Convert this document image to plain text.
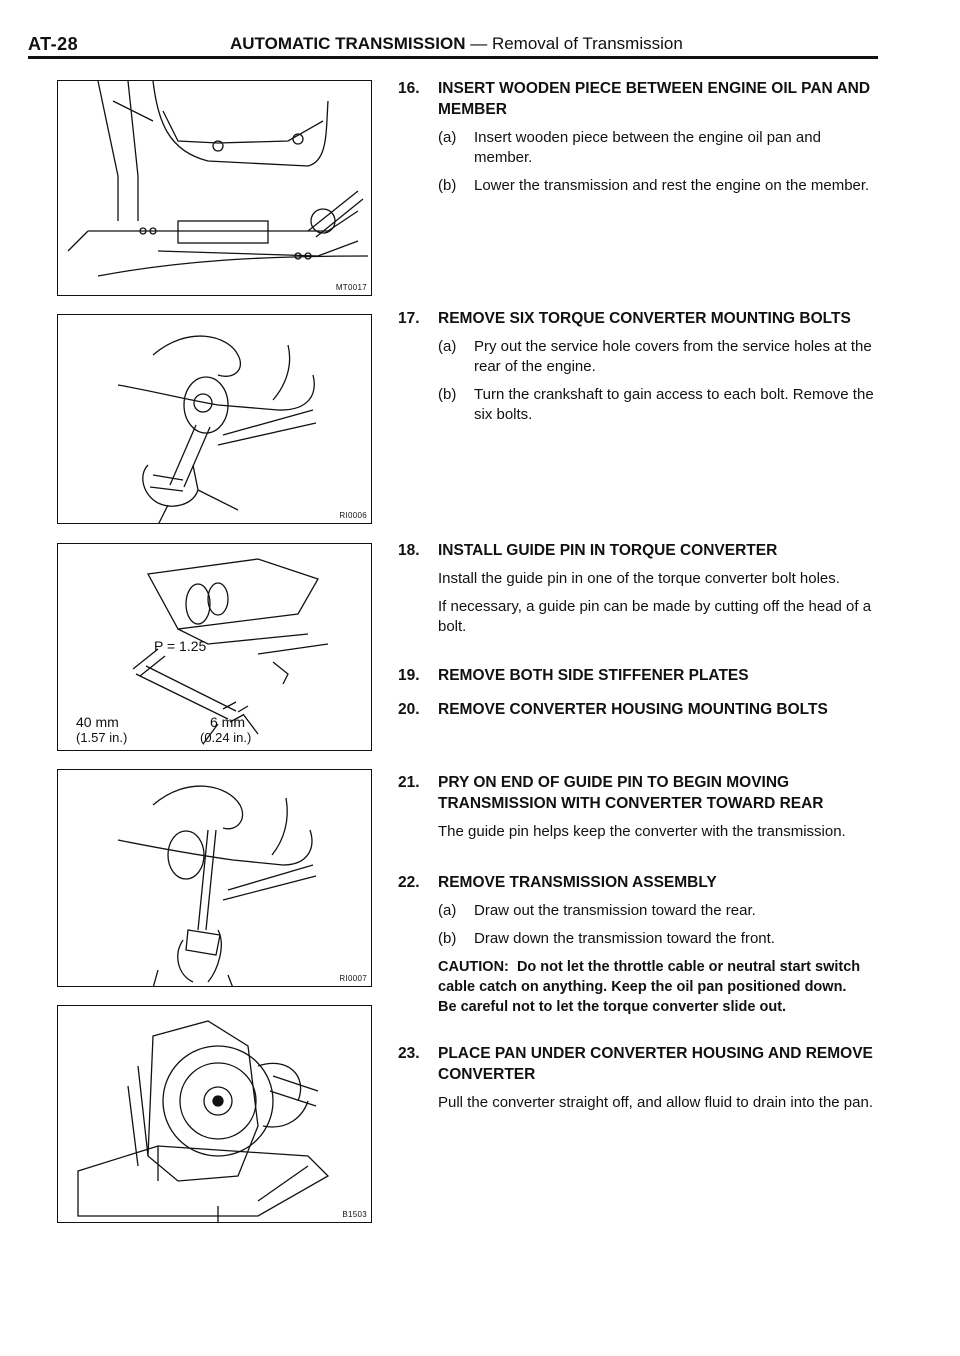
AT-28	AUTOMATIC TRANSMISSION — Removal of Transmission
MT0017
RI0006
P = 1.25
40 mm
(1.57 in.)
6 mm
(0.24 in.)
RI0007
B1503
16.	INSERT WOODEN PIECE BETWEEN ENGINE OIL PAN AND MEMBER
(a)	Insert wooden piece between the engine oil pan and member.
(b)	Lower the transmission and rest the engine on the member.
17.	REMOVE SIX TORQUE CONVERTER MOUNTING BOLTS
(a)	Pry out the service hole covers from the service holes at the rear of the engine.
(b)	Turn the crankshaft to gain access to each bolt. Remove the six bolts.
18.	INSTALL GUIDE PIN IN TORQUE CONVERTER
Install the guide pin in one of the torque converter bolt holes.
If necessary, a guide pin can be made by cutting off the head of a bolt.
19.	REMOVE BOTH SIDE STIFFENER PLATES
20.	REMOVE CONVERTER HOUSING MOUNTING BOLTS
21.	PRY ON END OF GUIDE PIN TO BEGIN MOVING TRANSMISSION WITH CONVERTER TOWARD REAR
The guide pin helps keep the converter with the transmission.
22.	REMOVE TRANSMISSION ASSEMBLY
(a)	Draw out the transmission toward the rear.
(b)	Draw down the transmission toward the front.
CAUTION: Do not let the throttle cable or neutral start switch cable catch on anything. Keep the oil pan positioned down.
Be careful not to let the torque converter slide out.
23.	PLACE PAN UNDER CONVERTER HOUSING AND REMOVE CONVERTER
Pull the converter straight off, and allow fluid to drain into the pan.
